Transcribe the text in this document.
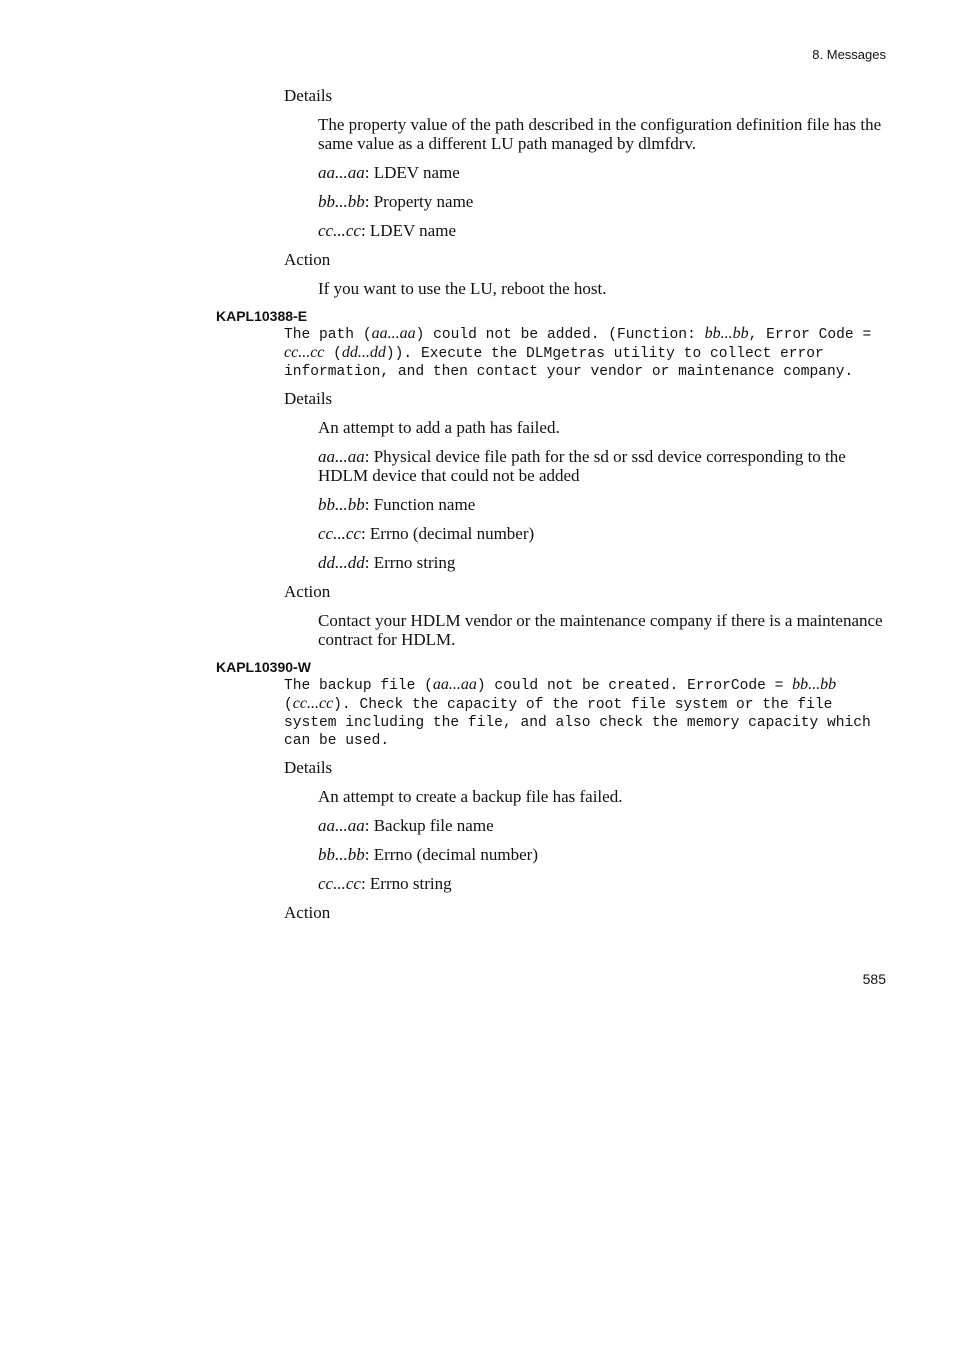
8. Messages
Details
The property value of the path described in the configuration definition file has the same value as a different LU path managed by dlmfdrv.
aa...aa: LDEV name
bb...bb: Property name
cc...cc: LDEV name
Action
If you want to use the LU, reboot the host.
KAPL10388-E
The path (aa...aa) could not be added. (Function: bb...bb, Error Code = cc...cc (dd...dd)). Execute the DLMgetras utility to collect error information, and then contact your vendor or maintenance company.
Details
An attempt to add a path has failed.
aa...aa: Physical device file path for the sd or ssd device corresponding to the HDLM device that could not be added
bb...bb: Function name
cc...cc: Errno (decimal number)
dd...dd: Errno string
Action
Contact your HDLM vendor or the maintenance company if there is a maintenance contract for HDLM.
KAPL10390-W
The backup file (aa...aa) could not be created. ErrorCode = bb...bb (cc...cc). Check the capacity of the root file system or the file system including the file, and also check the memory capacity which can be used.
Details
An attempt to create a backup file has failed.
aa...aa: Backup file name
bb...bb: Errno (decimal number)
cc...cc: Errno string
Action
585
